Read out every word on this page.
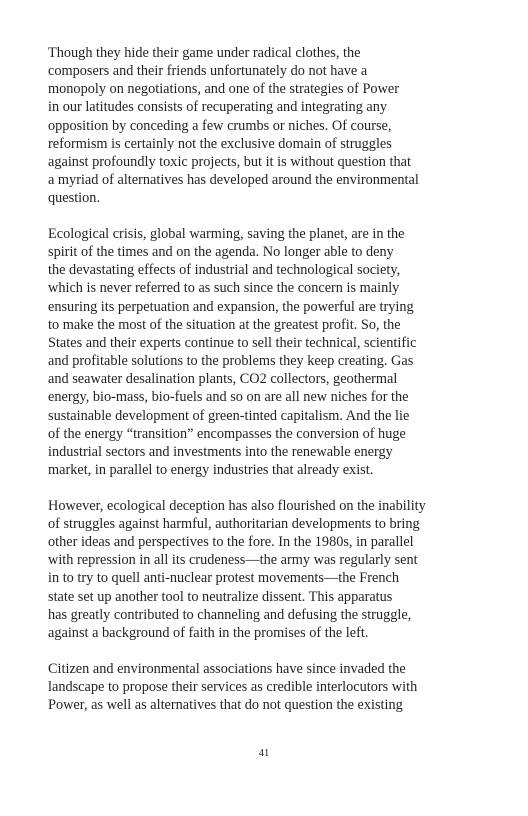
Though they hide their game under radical clothes, the
composers and their friends unfortunately do not have a
monopoly on negotiations, and one of the strategies of Power
in our latitudes consists of recuperating and integrating any
opposition by conceding a few crumbs or niches. Of course,
reformism is certainly not the exclusive domain of struggles
against profoundly toxic projects, but it is without question that
a myriad of alternatives has developed around the environmental
question.

Ecological crisis, global warming, saving the planet, are in the
spirit of the times and on the agenda. No longer able to deny
the devastating effects of industrial and technological society,
which is never referred to as such since the concern is mainly
ensuring its perpetuation and expansion, the powerful are trying
to make the most of the situation at the greatest profit. So, the
States and their experts continue to sell their technical, scientific
and profitable solutions to the problems they keep creating. Gas
and seawater desalination plants, CO2 collectors, geothermal
energy, bio-mass, bio-fuels and so on are all new niches for the
sustainable development of green-tinted capitalism. And the lie
of the energy “transition” encompasses the conversion of huge
industrial sectors and investments into the renewable energy
market, in parallel to energy industries that already exist.

However, ecological deception has also flourished on the inability
of struggles against harmful, authoritarian developments to bring
other ideas and perspectives to the fore. In the 1980s, in parallel
with repression in all its crudeness—the army was regularly sent
in to try to quell anti-nuclear protest movements—the French
state set up another tool to neutralize dissent. This apparatus
has greatly contributed to channeling and defusing the struggle,
against a background of faith in the promises of the left.

Citizen and environmental associations have since invaded the
landscape to propose their services as credible interlocutors with
Power, as well as alternatives that do not question the existing

41
